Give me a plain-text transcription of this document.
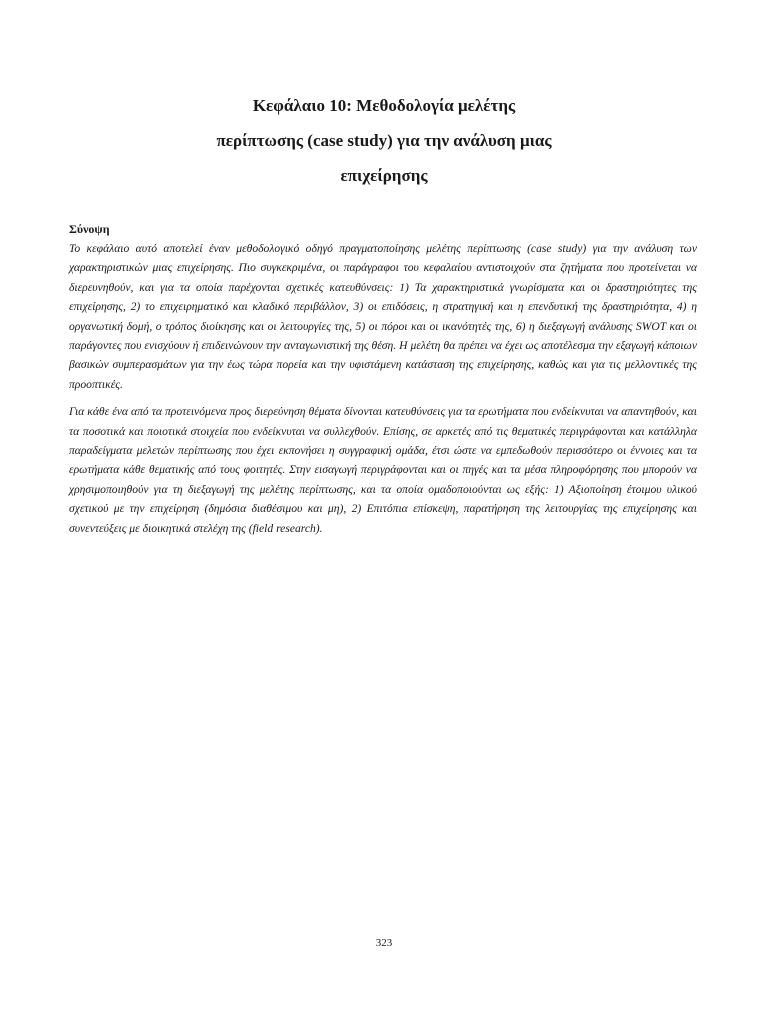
Κεφάλαιο 10: Μεθοδολογία μελέτης
περίπτωσης (case study) για την ανάλυση μιας
επιχείρησης

Σύνοψη

Το κεφάλαιο αυτό αποτελεί έναν μεθοδολογικό οδηγό πραγματοποίησης μελέτης περίπτωσης (case study) για την ανάλυση των χαρακτηριστικών μιας επιχείρησης. Πιο συγκεκριμένα, οι παράγραφοι του κεφαλαίου αντιστοιχούν στα ζητήματα που προτείνεται να διερευνηθούν, και για τα οποία παρέχονται σχετικές κατευθύνσεις: 1) Τα χαρακτηριστικά γνωρίσματα και οι δραστηριότητες της επιχείρησης, 2) το επιχειρηματικό και κλαδικό περιβάλλον, 3) οι επιδόσεις, η στρατηγική και η επενδυτική της δραστηριότητα, 4) η οργανωτική δομή, ο τρόπος διοίκησης και οι λειτουργίες της, 5) οι πόροι και οι ικανότητές της, 6) η διεξαγωγή ανάλυσης SWOT και οι παράγοντες που ενισχύουν ή επιδεινώνουν την ανταγωνιστική της θέση. Η μελέτη θα πρέπει να έχει ως αποτέλεσμα την εξαγωγή κάποιων βασικών συμπερασμάτων για την έως τώρα πορεία και την υφιστάμενη κατάσταση της επιχείρησης, καθώς και για τις μελλοντικές της προοπτικές.

Για κάθε ένα από τα προτεινόμενα προς διερεύνηση θέματα δίνονται κατευθύνσεις για τα ερωτήματα που ενδείκνυται να απαντηθούν, και τα ποσοτικά και ποιοτικά στοιχεία που ενδείκνυται να συλλεχθούν. Επίσης, σε αρκετές από τις θεματικές περιγράφονται και κατάλληλα παραδείγματα μελετών περίπτωσης που έχει εκπονήσει η συγγραφική ομάδα, έτσι ώστε να εμπεδωθούν περισσότερο οι έννοιες και τα ερωτήματα κάθε θεματικής από τους φοιτητές. Στην εισαγωγή περιγράφονται και οι πηγές και τα μέσα πληροφόρησης που μπορούν να χρησιμοποιηθούν για τη διεξαγωγή της μελέτης περίπτωσης, και τα οποία ομαδοποιούνται ως εξής: 1) Αξιοποίηση έτοιμου υλικού σχετικού με την επιχείρηση (δημόσια διαθέσιμου και μη), 2) Επιτόπια επίσκεψη, παρατήρηση της λειτουργίας της επιχείρησης και συνεντεύξεις με διοικητικά στελέχη της (field research).

323
